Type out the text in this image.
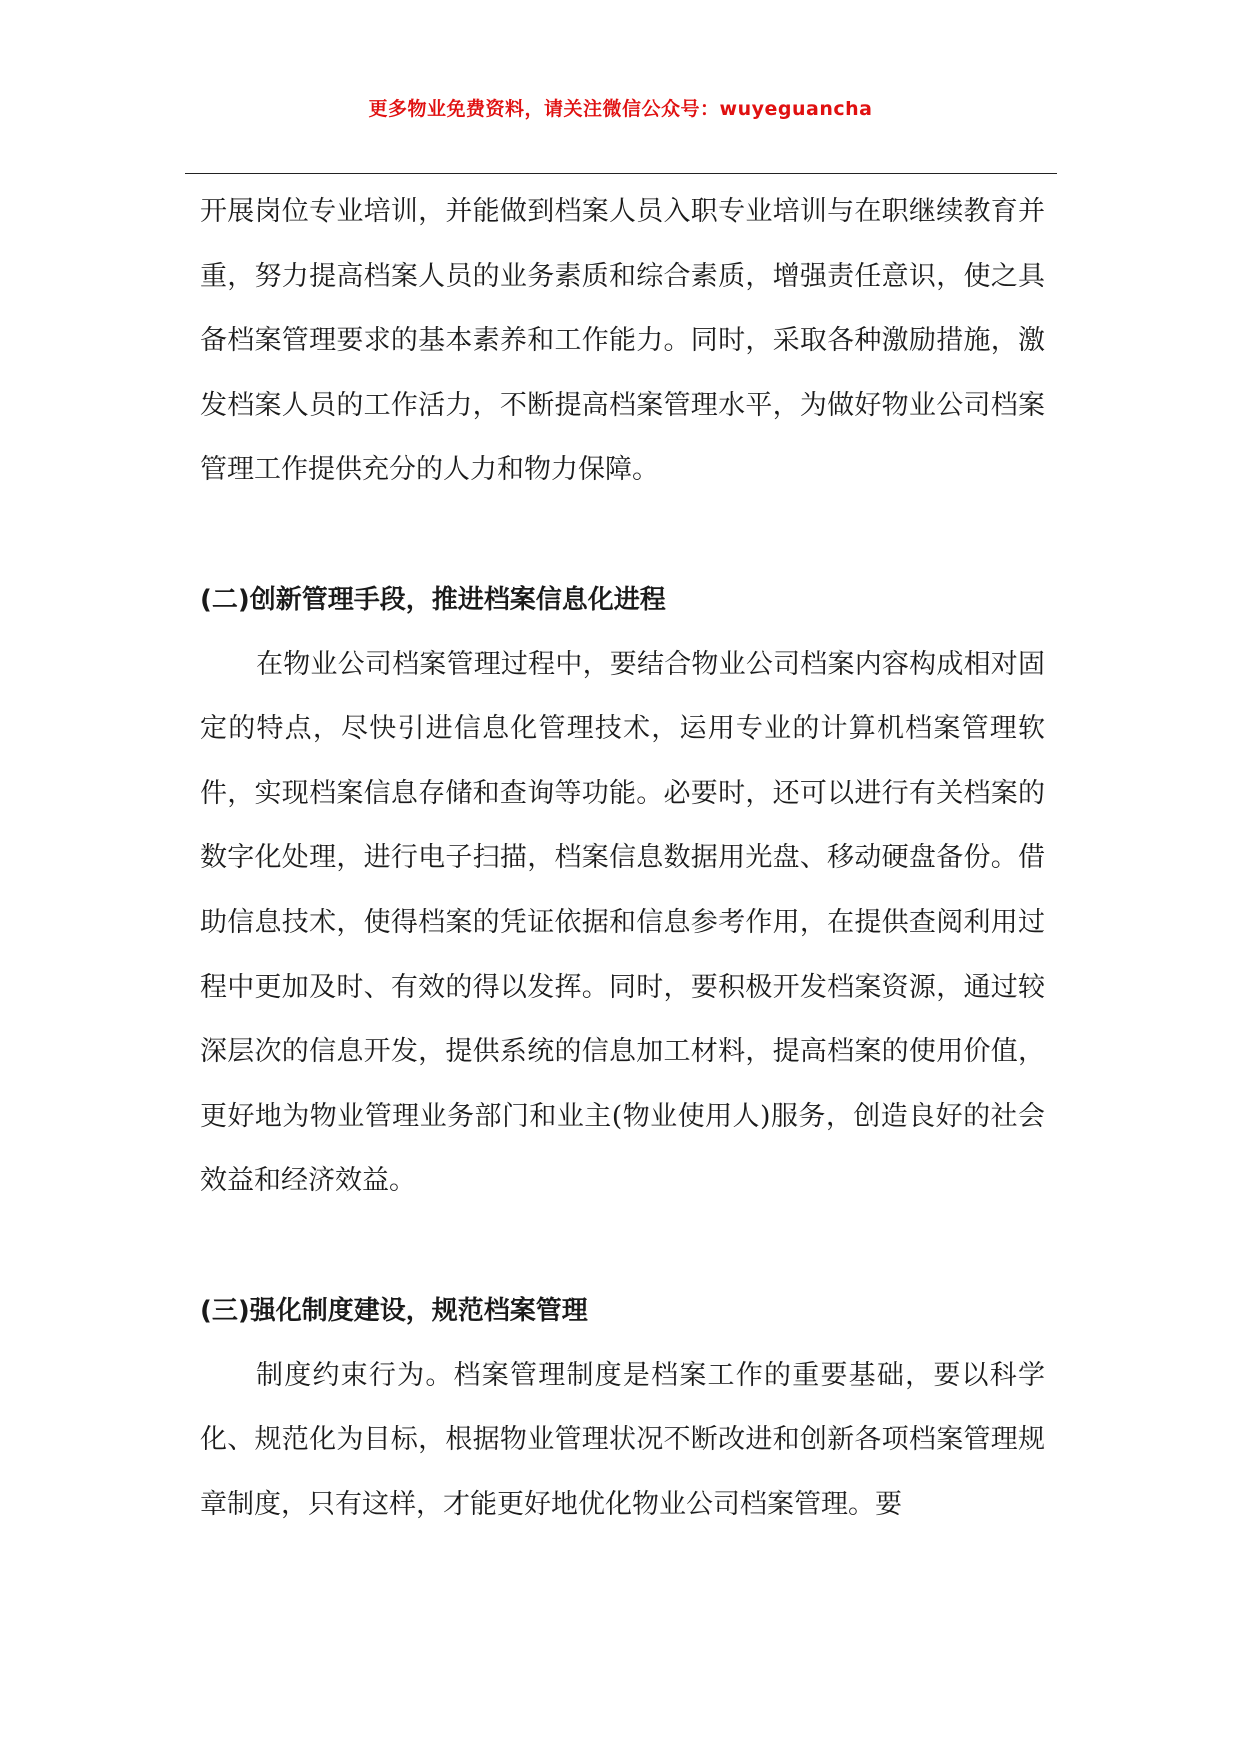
更多物业免费资料，请关注微信公众号：wuyeguancha

开展岗位专业培训，并能做到档案人员入职专业培训与在职继续教育并重，努力提高档案人员的业务素质和综合素质，增强责任意识，使之具备档案管理要求的基本素养和工作能力。同时，采取各种激励措施，激发档案人员的工作活力，不断提高档案管理水平，为做好物业公司档案管理工作提供充分的人力和物力保障。

(二)创新管理手段，推进档案信息化进程

在物业公司档案管理过程中，要结合物业公司档案内容构成相对固定的特点，尽快引进信息化管理技术，运用专业的计算机档案管理软件，实现档案信息存储和查询等功能。必要时，还可以进行有关档案的数字化处理，进行电子扫描，档案信息数据用光盘、移动硬盘备份。借助信息技术，使得档案的凭证依据和信息参考作用，在提供查阅利用过程中更加及时、有效的得以发挥。同时，要积极开发档案资源，通过较深层次的信息开发，提供系统的信息加工材料，提高档案的使用价值，更好地为物业管理业务部门和业主(物业使用人)服务，创造良好的社会效益和经济效益。

(三)强化制度建设，规范档案管理

制度约束行为。档案管理制度是档案工作的重要基础，要以科学化、规范化为目标，根据物业管理状况不断改进和创新各项档案管理规章制度，只有这样，才能更好地优化物业公司档案管理。要
